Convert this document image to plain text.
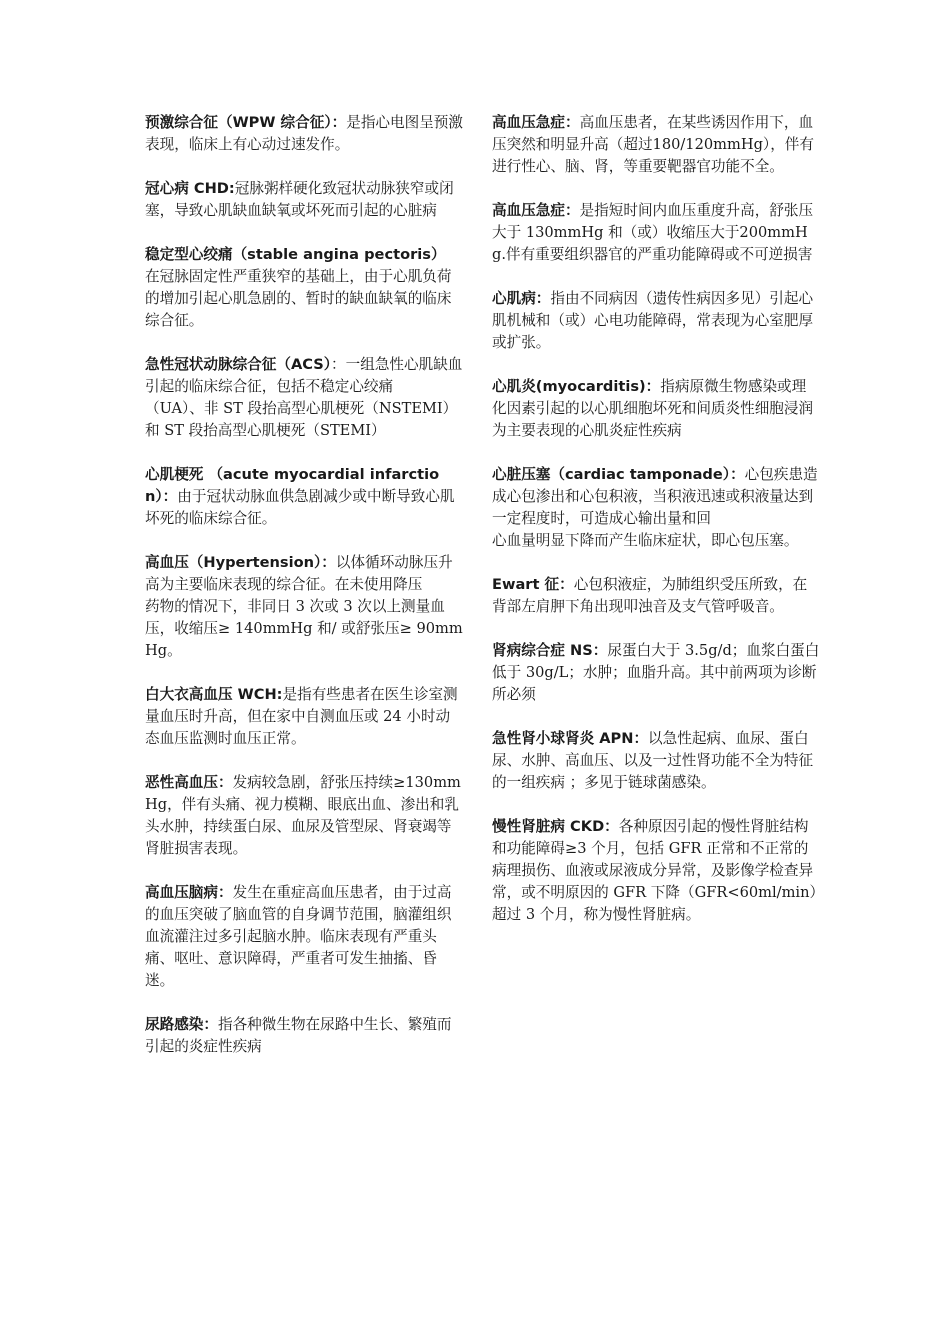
预激综合征（WPW 综合征）：是指心电图呈预激表现，临床上有心动过速发作。

冠心病 CHD:冠脉粥样硬化致冠状动脉狭窄或闭塞，导致心肌缺血缺氧或坏死而引起的心脏病

稳定型心绞痛（stable angina pectoris）
在冠脉固定性严重狭窄的基础上，由于心肌负荷的增加引起心肌急剧的、暂时的缺血缺氧的临床综合征。

急性冠状动脉综合征（ACS）：一组急性心肌缺血引起的临床综合征，包括不稳定心绞痛
（UA）、非 ST 段抬高型心肌梗死（NSTEMI）和 ST 段抬高型心肌梗死（STEMI）

心肌梗死 （acute myocardial infarction）：由于冠状动脉血供急剧减少或中断导致心肌坏死的临床综合征。

高血压（Hypertension）：以体循环动脉压升高为主要临床表现的综合征。在未使用降压
药物的情况下，非同日 3 次或 3 次以上测量血压，收缩压≥ 140mmHg 和/ 或舒张压≥ 90mmHg。

白大衣高血压 WCH:是指有些患者在医生诊室测量血压时升高，但在家中自测血压或 24 小时动态血压监测时血压正常。

恶性高血压：发病较急剧，舒张压持续≥130mmHg，伴有头痛、视力模糊、眼底出血、渗出和乳头水肿，持续蛋白尿、血尿及管型尿、肾衰竭等肾脏损害表现。

高血压脑病：发生在重症高血压患者，由于过高的血压突破了脑血管的自身调节范围，脑灌组织血流灌注过多引起脑水肿。临床表现有严重头痛、呕吐、意识障碍，严重者可发生抽搐、昏迷。

尿路感染：指各种微生物在尿路中生长、繁殖而引起的炎症性疾病

高血压急症：高血压患者，在某些诱因作用下，血压突然和明显升高（超过180/120mmHg），伴有进行性心、脑、肾，等重要靶器官功能不全。

高血压急症：是指短时间内血压重度升高，舒张压大于 130mmHg 和（或）收缩压大于200mmHg.伴有重要组织器官的严重功能障碍或不可逆损害

心肌病：指由不同病因（遗传性病因多见）引起心肌机械和（或）心电功能障碍，常表现为心室肥厚或扩张。

心肌炎(myocarditis)：指病原微生物感染或理化因素引起的以心肌细胞坏死和间质炎性细胞浸润为主要表现的心肌炎症性疾病

心脏压塞（cardiac tamponade）：心包疾患造成心包渗出和心包积液，当积液迅速或积液量达到一定程度时，可造成心输出量和回
心血量明显下降而产生临床症状，即心包压塞。

Ewart 征：心包积液症，为肺组织受压所致，在背部左肩胛下角出现叩浊音及支气管呼吸音。

肾病综合症 NS：尿蛋白大于 3.5g/d；血浆白蛋白低于 30g/L；水肿；血脂升高。其中前两项为诊断所必须

急性肾小球肾炎 APN：以急性起病、血尿、蛋白尿、水肿、高血压、以及一过性肾功能不全为特征的一组疾病 ；多见于链球菌感染。

慢性肾脏病 CKD：各种原因引起的慢性肾脏结构和功能障碍≥3 个月，包括 GFR 正常和不正常的病理损伤、血液或尿液成分异常，及影像学检查异常，或不明原因的 GFR 下降（GFR<60ml/min）超过 3 个月，称为慢性肾脏病。
